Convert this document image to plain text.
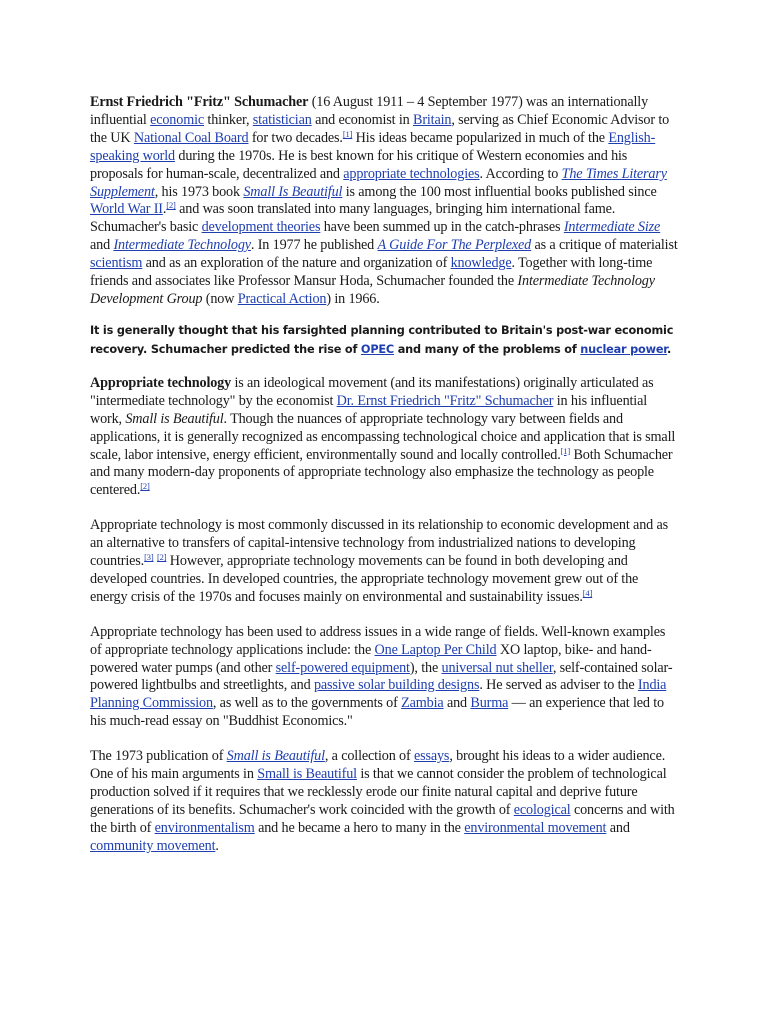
Ernst Friedrich "Fritz" Schumacher (16 August 1911 – 4 September 1977) was an internationally influential economic thinker, statistician and economist in Britain, serving as Chief Economic Advisor to the UK National Coal Board for two decades.[1] His ideas became popularized in much of the English-speaking world during the 1970s. He is best known for his critique of Western economies and his proposals for human-scale, decentralized and appropriate technologies. According to The Times Literary Supplement, his 1973 book Small Is Beautiful is among the 100 most influential books published since World War II.[2] and was soon translated into many languages, bringing him international fame. Schumacher's basic development theories have been summed up in the catch-phrases Intermediate Size and Intermediate Technology. In 1977 he published A Guide For The Perplexed as a critique of materialist scientism and as an exploration of the nature and organization of knowledge. Together with long-time friends and associates like Professor Mansur Hoda, Schumacher founded the Intermediate Technology Development Group (now Practical Action) in 1966.

It is generally thought that his farsighted planning contributed to Britain's post-war economic recovery. Schumacher predicted the rise of OPEC and many of the problems of nuclear power.

Appropriate technology is an ideological movement (and its manifestations) originally articulated as "intermediate technology" by the economist Dr. Ernst Friedrich "Fritz" Schumacher in his influential work, Small is Beautiful. Though the nuances of appropriate technology vary between fields and applications, it is generally recognized as encompassing technological choice and application that is small scale, labor intensive, energy efficient, environmentally sound and locally controlled.[1] Both Schumacher and many modern-day proponents of appropriate technology also emphasize the technology as people centered.[2]

Appropriate technology is most commonly discussed in its relationship to economic development and as an alternative to transfers of capital-intensive technology from industrialized nations to developing countries.[3] [2] However, appropriate technology movements can be found in both developing and developed countries. In developed countries, the appropriate technology movement grew out of the energy crisis of the 1970s and focuses mainly on environmental and sustainability issues.[4]

Appropriate technology has been used to address issues in a wide range of fields. Well-known examples of appropriate technology applications include: the One Laptop Per Child XO laptop, bike- and hand-powered water pumps (and other self-powered equipment), the universal nut sheller, self-contained solar-powered lightbulbs and streetlights, and passive solar building designs. He served as adviser to the India Planning Commission, as well as to the governments of Zambia and Burma — an experience that led to his much-read essay on "Buddhist Economics."

The 1973 publication of Small is Beautiful, a collection of essays, brought his ideas to a wider audience. One of his main arguments in Small is Beautiful is that we cannot consider the problem of technological production solved if it requires that we recklessly erode our finite natural capital and deprive future generations of its benefits. Schumacher's work coincided with the growth of ecological concerns and with the birth of environmentalism and he became a hero to many in the environmental movement and community movement.
